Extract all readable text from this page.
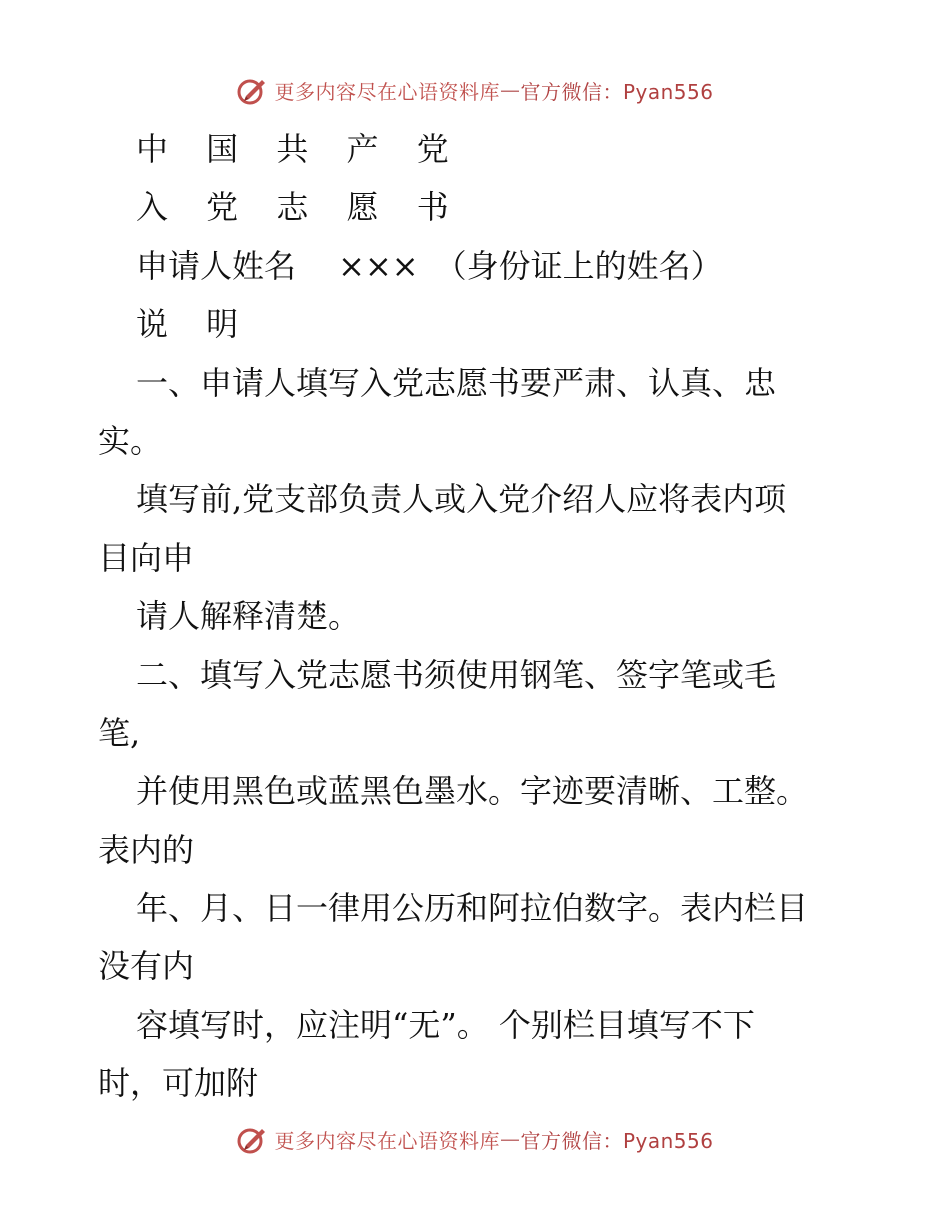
更多内容尽在心语资料库 — 官方微信：Pyan556
中 国 共 产 党
入 党 志 愿 书
申请人姓名　 ×××　（身份证上的姓名）
说 明
一、申请人填写入党志愿书要严肃、认真、忠
实。
填写前,党支部负责人或入党介绍人应将表内项
目向申
请人解释清楚。
二、填写入党志愿书须使用钢笔、签字笔或毛
笔,
并使用黑色或蓝黑色墨水。字迹要清晰、工整。
表内的
年、月、日一律用公历和阿拉伯数字。表内栏目
没有内
容填写时，应注明“无”。 个别栏目填写不下
时，可加附
更多内容尽在心语资料库 — 官方微信：Pyan556
